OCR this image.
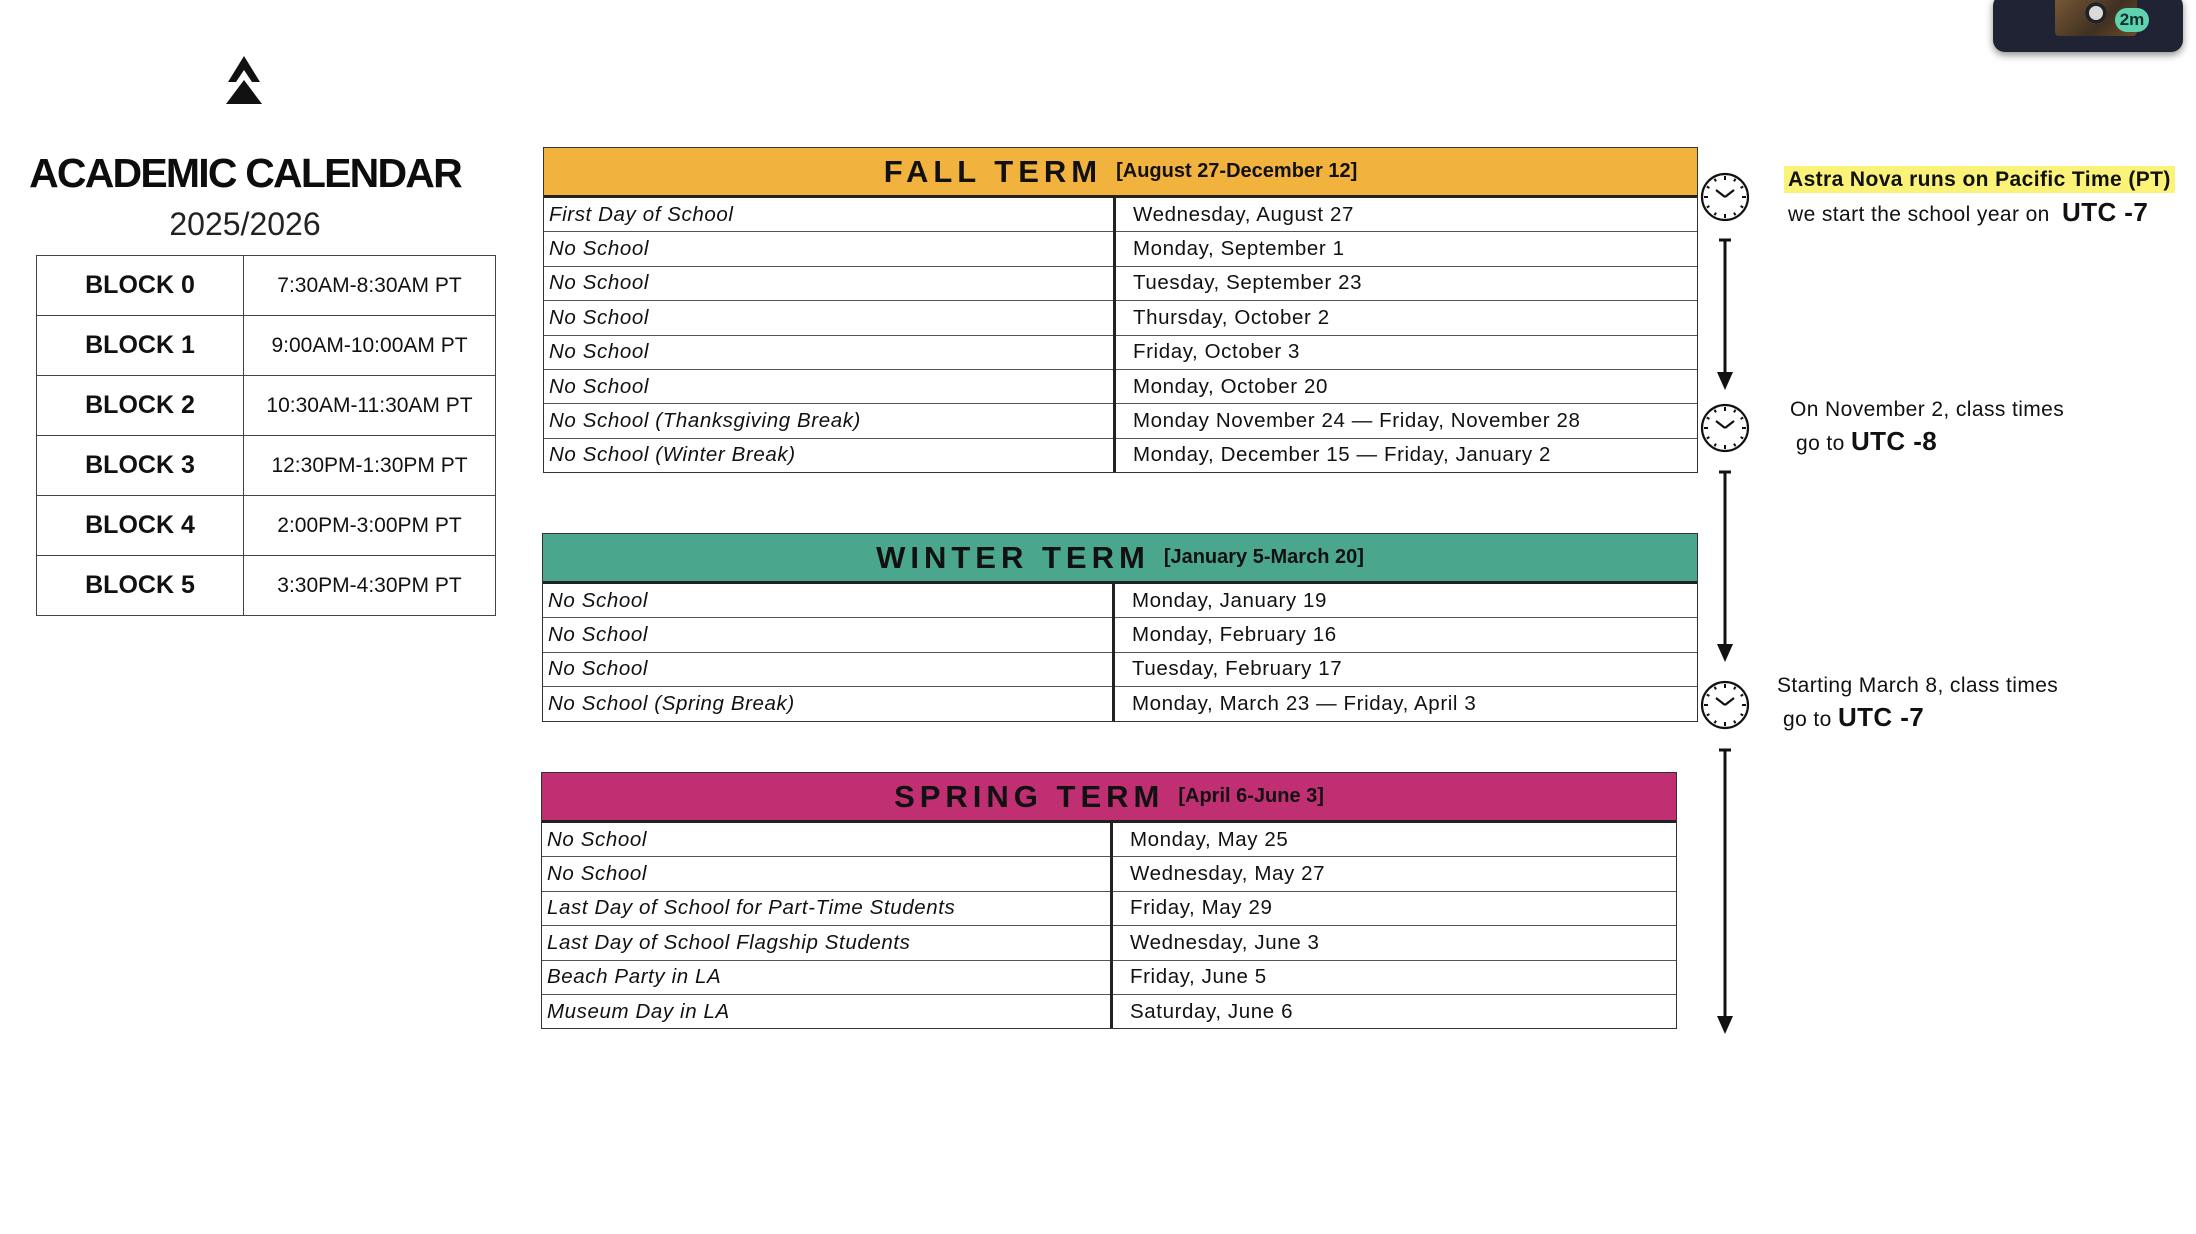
2m
ACADEMIC CALENDAR
2025/2026
BLOCK 0	7:30AM-8:30AM PT
BLOCK 1	9:00AM-10:00AM PT
BLOCK 2	10:30AM-11:30AM PT
BLOCK 3	12:30PM-1:30PM PT
BLOCK 4	2:00PM-3:00PM PT
BLOCK 5	3:30PM-4:30PM PT
FALL TERM [August 27-December 12]
First Day of School	Wednesday, August 27
No School	Monday, September 1
No School	Tuesday, September 23
No School	Thursday, October 2
No School	Friday, October 3
No School	Monday, October 20
No School (Thanksgiving Break)	Monday November 24 — Friday, November 28
No School (Winter Break)	Monday, December 15 — Friday, January 2
WINTER TERM [January 5-March 20]
No School	Monday, January 19
No School	Monday, February 16
No School	Tuesday, February 17
No School (Spring Break)	Monday, March 23 — Friday, April 3
SPRING TERM [April 6-June 3]
No School	Monday, May 25
No School	Wednesday, May 27
Last Day of School for Part-Time Students	Friday, May 29
Last Day of School Flagship Students	Wednesday, June 3
Beach Party in LA	Friday, June 5
Museum Day in LA	Saturday, June 6
Astra Nova runs on Pacific Time (PT)
we start the school year on UTC -7
On November 2, class times
go to UTC -8
Starting March 8, class times
go to UTC -7
